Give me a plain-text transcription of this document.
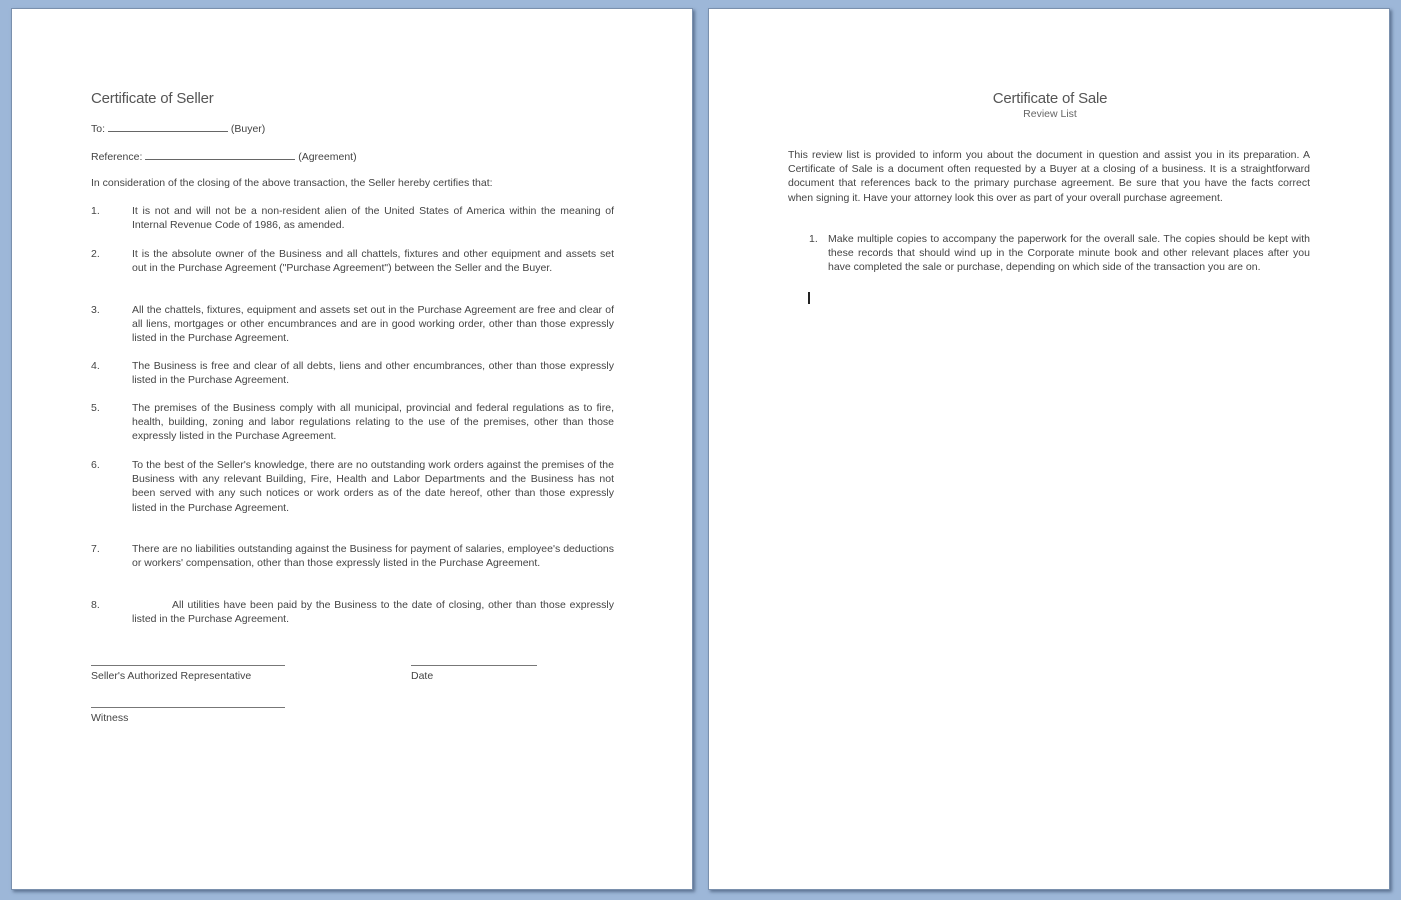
Certificate of Seller
To:	(Buyer)
Reference:	(Agreement)
In consideration of the closing of the above transaction, the Seller hereby certifies that:
1.	It is not and will not be a non-resident alien of the United States of America within the meaning of Internal Revenue Code of 1986, as amended.
2.	It is the absolute owner of the Business and all chattels, fixtures and other equipment and assets set out in the Purchase Agreement ("Purchase Agreement") between the Seller and the Buyer.
3.	All the chattels, fixtures, equipment and assets set out in the Purchase Agreement are free and clear of all liens, mortgages or other encumbrances and are in good working order, other than those expressly listed in the Purchase Agreement.
4.	The Business is free and clear of all debts, liens and other encumbrances, other than those expressly listed in the Purchase Agreement.
5.	The premises of the Business comply with all municipal, provincial and federal regulations as to fire, health, building, zoning and labor regulations relating to the use of the premises, other than those expressly listed in the Purchase Agreement.
6.	To the best of the Seller's knowledge, there are no outstanding work orders against the premises of the Business with any relevant Building, Fire, Health and Labor Departments and the Business has not been served with any such notices or work orders as of the date hereof, other than those expressly listed in the Purchase Agreement.
7.	There are no liabilities outstanding against the Business for payment of salaries, employee's deductions or workers' compensation, other than those expressly listed in the Purchase Agreement.
8.	All utilities have been paid by the Business to the date of closing, other than those expressly listed in the Purchase Agreement.
Seller's Authorized Representative	Date
Witness
Certificate of Sale
Review List
This review list is provided to inform you about the document in question and assist you in its preparation. A Certificate of Sale is a document often requested by a Buyer at a closing of a business. It is a straightforward document that references back to the primary purchase agreement. Be sure that you have the facts correct when signing it. Have your attorney look this over as part of your overall purchase agreement.
1. Make multiple copies to accompany the paperwork for the overall sale. The copies should be kept with these records that should wind up in the Corporate minute book and other relevant places after you have completed the sale or purchase, depending on which side of the transaction you are on.
